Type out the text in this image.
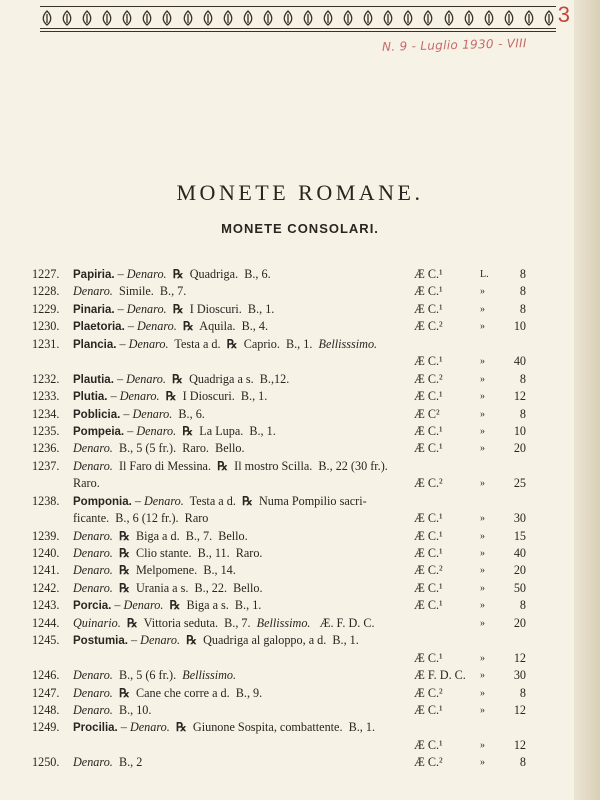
3
N. 9 - Luglio 1930 - VIII
MONETE ROMANE.
MONETE CONSOLARI.
1227. Papiria. – Denaro. ℞  Quadriga.  B., 6.	Æ C.¹	L.	8
1228. Denaro.  Simile.  B., 7.	Æ C.¹	»	8
1229. Pinaria. – Denaro. ℞  I Dioscuri.  B., 1.	Æ C.¹	»	8
1230. Plaetoria. – Denaro. ℞  Aquila.  B., 4.	Æ C.²	»	10
1231. Plancia. – Denaro.  Testa a d.  ℞  Caprio.  B., 1.  Bellisssimo.
Æ C.¹	»	40
1232. Plautia. – Denaro. ℞  Quadriga a s.  B.,12.	Æ C.²	»	8
1233. Plutia. – Denaro. ℞  I Dioscuri.  B., 1.	Æ C.¹	»	12
1234. Poblicia. – Denaro.  B., 6.	Æ C²	»	8
1235. Pompeia. – Denaro. ℞  La Lupa.  B., 1.	Æ C.¹	»	10
1236. Denaro.  B., 5 (5 fr.).  Raro.  Bello.	Æ C.¹	»	20
1237. Denaro.  Il Faro di Messina.  ℞  Il mostro Scilla.  B., 22 (30 fr.).
Raro.	Æ C.²	»	25
1238. Pomponia. – Denaro.  Testa a d.  ℞  Numa Pompilio sacri-
ficante.  B., 6 (12 fr.).  Raro	Æ C.¹	»	30
1239. Denaro. ℞  Biga a d.  B., 7.  Bello.	Æ C.¹	»	15
1240. Denaro. ℞  Clio stante.  B., 11.  Raro.	Æ C.¹	»	40
1241. Denaro. ℞  Melpomene.  B., 14.	Æ C.²	»	20
1242. Denaro. ℞  Urania a s.  B., 22.  Bello.	Æ C.¹	»	50
1243. Porcia. – Denaro. ℞  Biga a s.  B., 1.	Æ C.¹	»	8
1244. Quinario. ℞  Vittoria seduta.  B., 7.  Bellissimo.   Æ. F. D. C.	»	20
1245. Postumia. – Denaro. ℞  Quadriga al galoppo, a d.  B., 1.
Æ C.¹	»	12
1246. Denaro.  B., 5 (6 fr.).  Bellissimo.	Æ F. D. C. »	30
1247. Denaro. ℞  Cane che corre a d.  B., 9.	Æ C.²	»	8
1248. Denaro.  B., 10.	Æ C.¹	»	12
1249. Procilia. – Denaro. ℞  Giunone Sospita, combattente.  B., 1.
Æ C.¹	»	12
1250. Denaro.  B., 2	Æ C.²	»	8
